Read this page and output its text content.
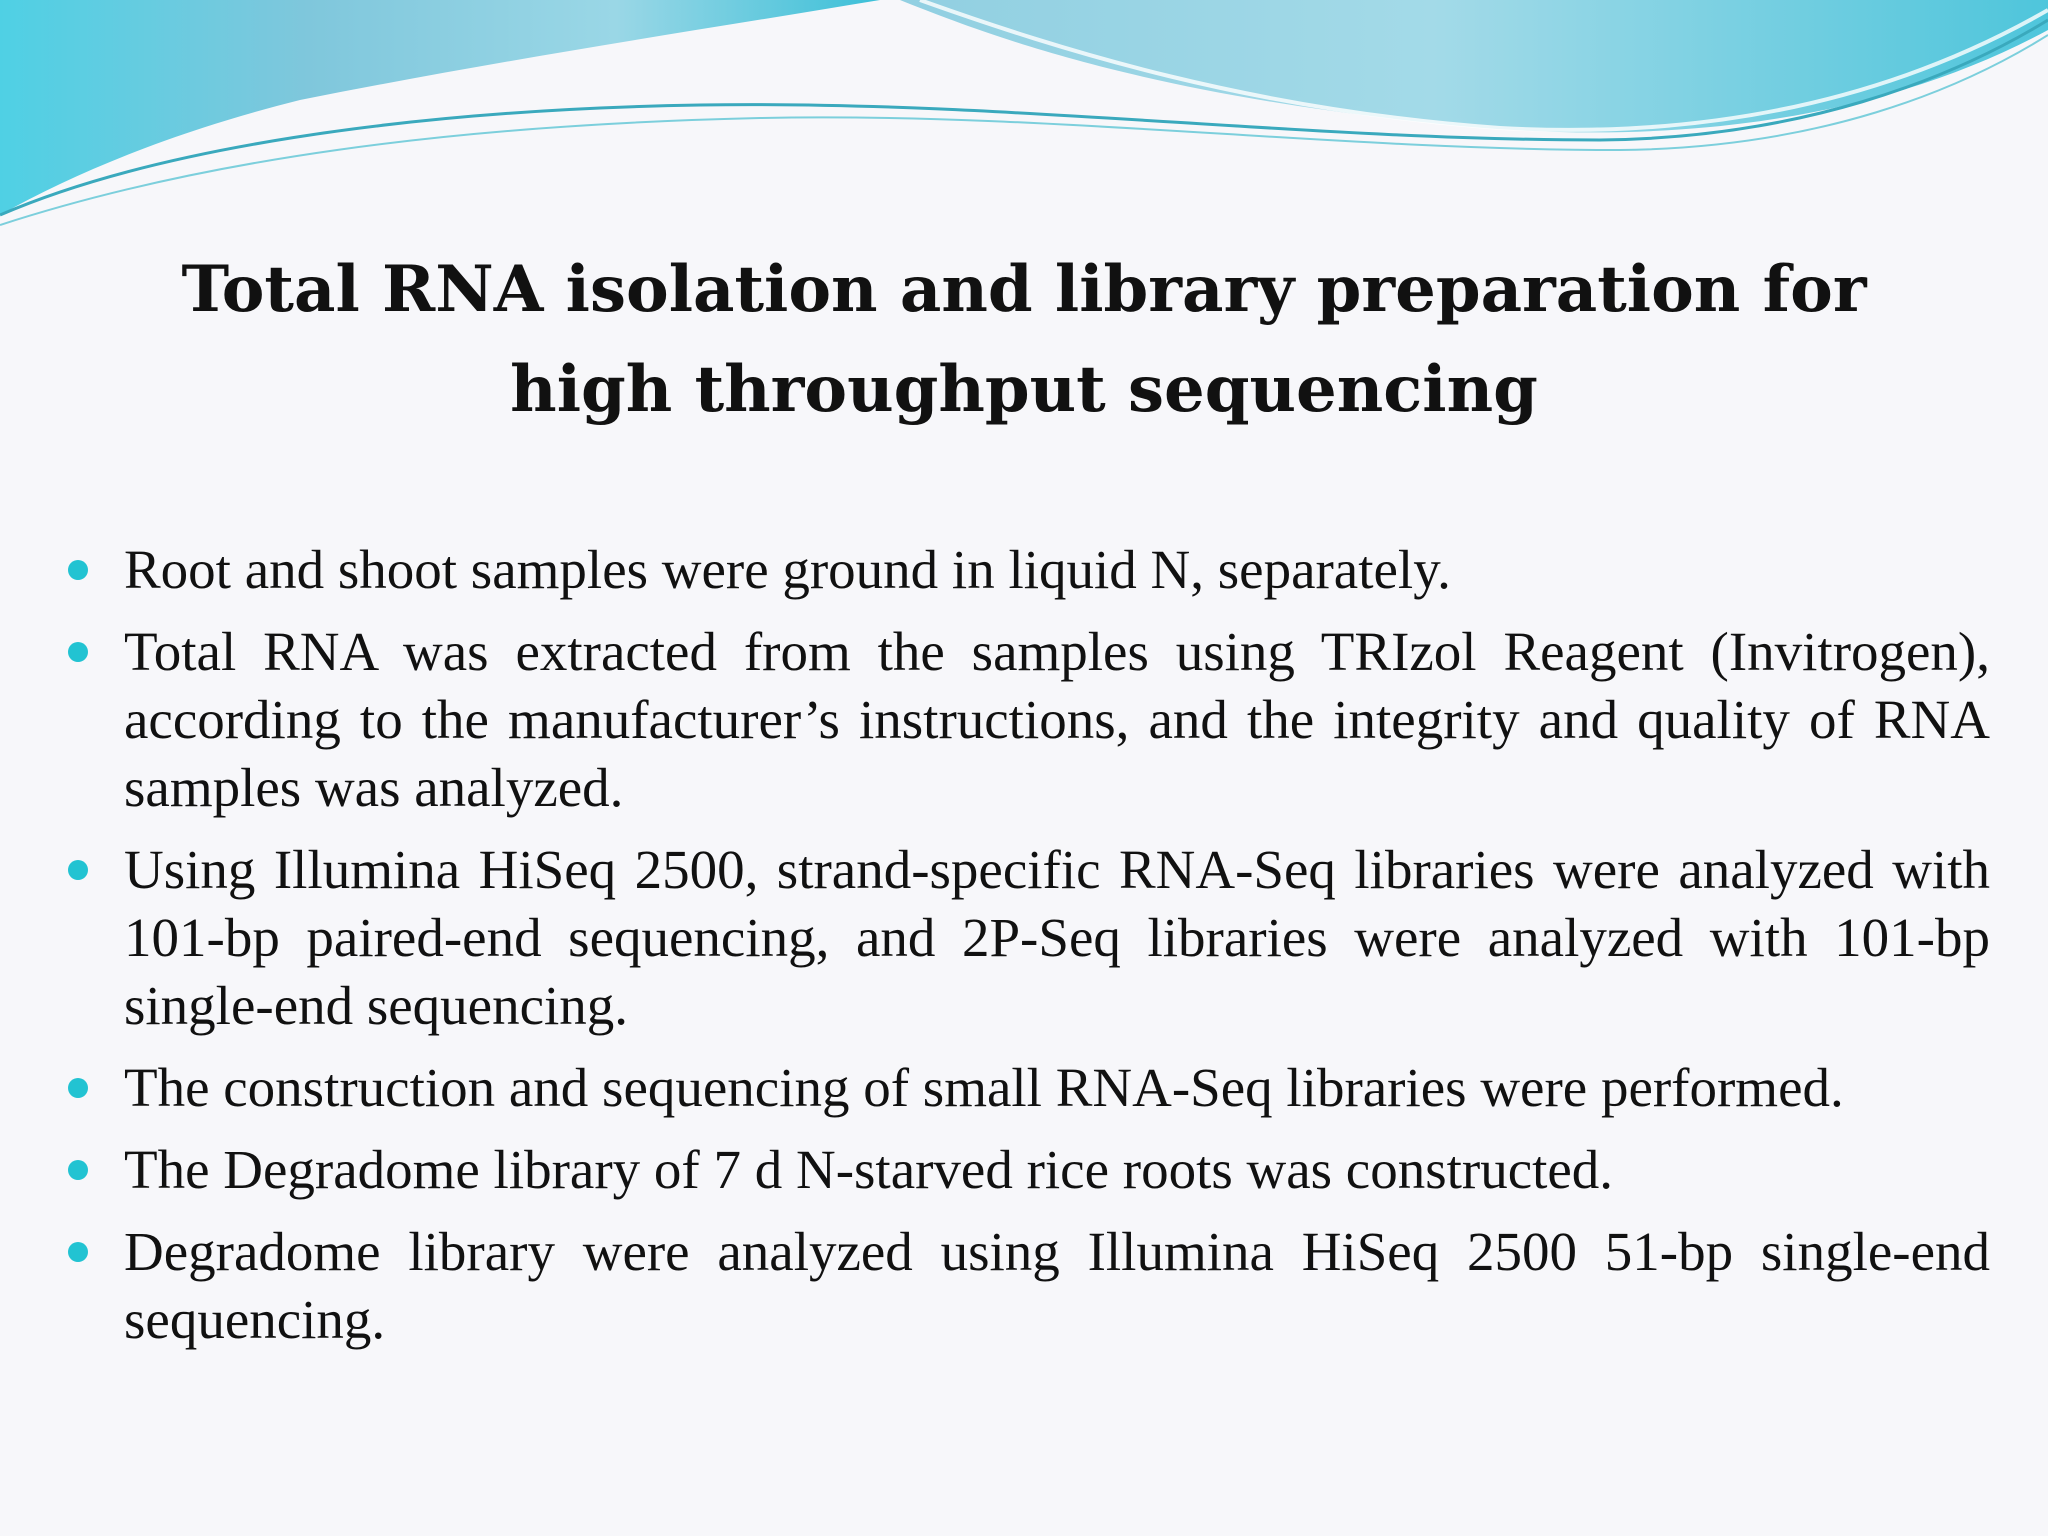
Total RNA isolation and library preparation for
high throughput sequencing
Root and shoot samples were ground in liquid N, separately.
Total RNA was extracted from the samples using TRIzol Reagent (Invitrogen), according to the manufacturer’s instructions, and the integrity and quality of RNA samples was analyzed.
Using Illumina HiSeq 2500, strand-specific RNA-Seq libraries were analyzed with 101-bp paired-end sequencing, and 2P-Seq libraries were analyzed with 101-bp single-end sequencing.
The construction and sequencing of small RNA-Seq libraries were performed.
The Degradome library of 7 d N-starved rice roots was constructed.
Degradome library were analyzed using Illumina HiSeq 2500 51-bp single-end sequencing.
